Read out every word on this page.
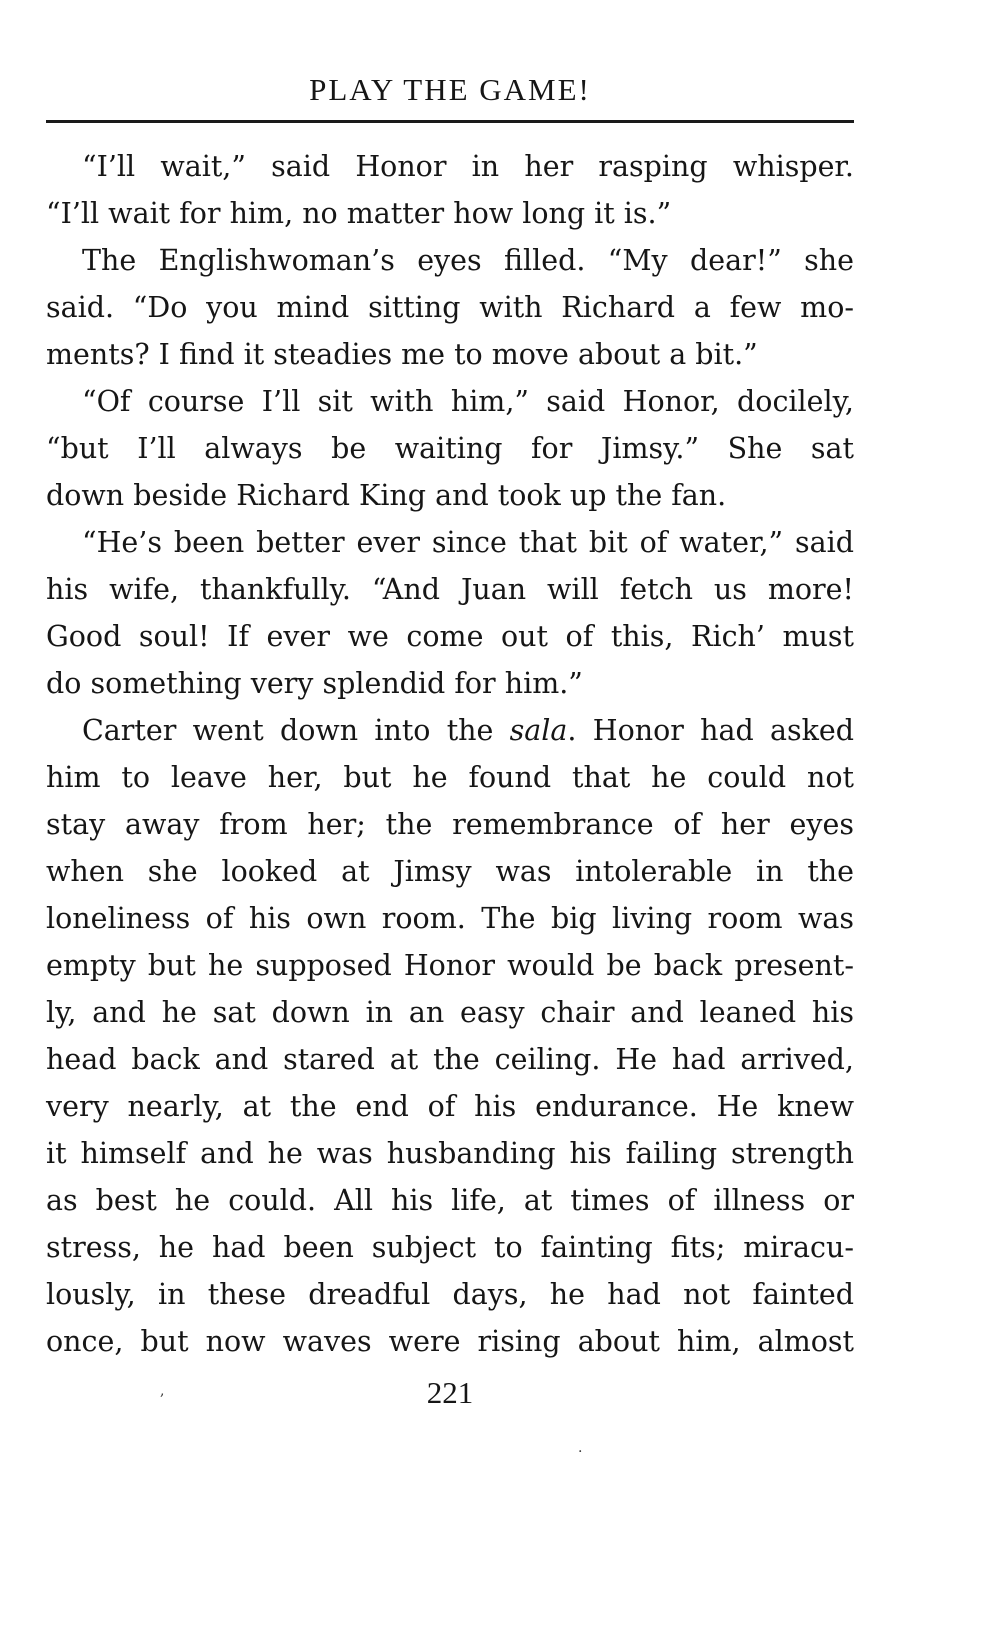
PLAY THE GAME!
“I’ll wait,” said Honor in her rasping whisper.
“I’ll wait for him, no matter how long it is.”
The Englishwoman’s eyes filled. “My dear!” she
said. “Do you mind sitting with Richard a few mo-
ments? I find it steadies me to move about a bit.”
“Of course I’ll sit with him,” said Honor, docilely,
“but I’ll always be waiting for Jimsy.” She sat
down beside Richard King and took up the fan.
“He’s been better ever since that bit of water,” said
his wife, thankfully. “And Juan will fetch us more!
Good soul! If ever we come out of this, Rich’ must
do something very splendid for him.”
Carter went down into the sala. Honor had asked
him to leave her, but he found that he could not
stay away from her; the remembrance of her eyes
when she looked at Jimsy was intolerable in the
loneliness of his own room. The big living room was
empty but he supposed Honor would be back present-
ly, and he sat down in an easy chair and leaned his
head back and stared at the ceiling. He had arrived,
very nearly, at the end of his endurance. He knew
it himself and he was husbanding his failing strength
as best he could. All his life, at times of illness or
stress, he had been subject to fainting fits; miracu-
lously, in these dreadful days, he had not fainted
once, but now waves were rising about him, almost
221
,
.
